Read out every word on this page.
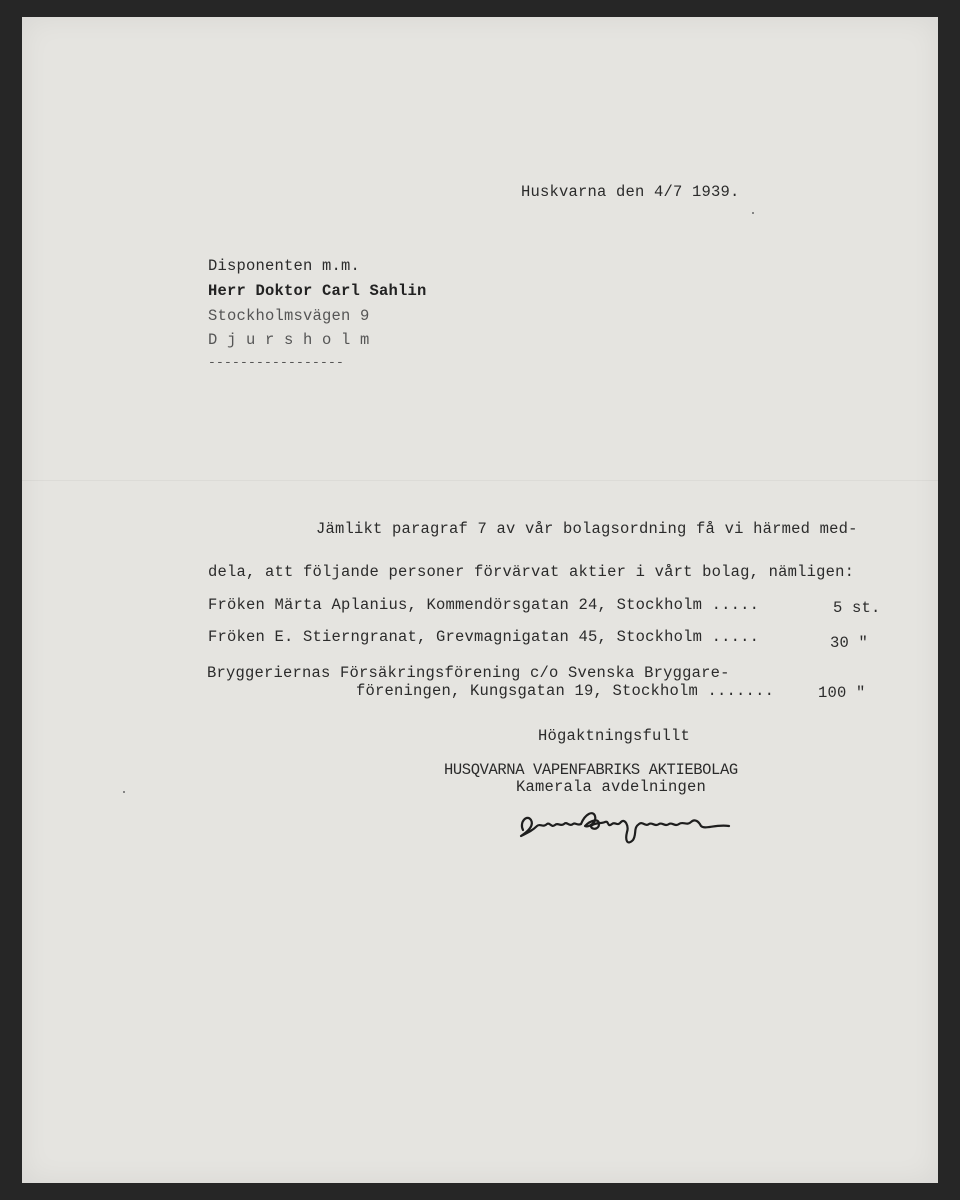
Huskvarna den 4/7 1939.
Disponenten m.m.
Herr Doktor Carl Sahlin
Stockholmsvägen 9
D j u r s h o l m
-----------------
Jämlikt paragraf 7 av vår bolagsordning få vi härmed med-
dela, att följande personer förvärvat aktier i vårt bolag, nämligen:
Fröken Märta Aplanius, Kommendörsgatan 24, Stockholm .....	5 st.
Fröken E. Stierngranat, Grevmagnigatan 45, Stockholm .....	30 "
Bryggeriernas Försäkringsförening c/o Svenska Bryggare-
föreningen, Kungsgatan 19, Stockholm .......	100 "
Högaktningsfullt
HUSQVARNA VAPENFABRIKS AKTIEBOLAG
Kamerala avdelningen
